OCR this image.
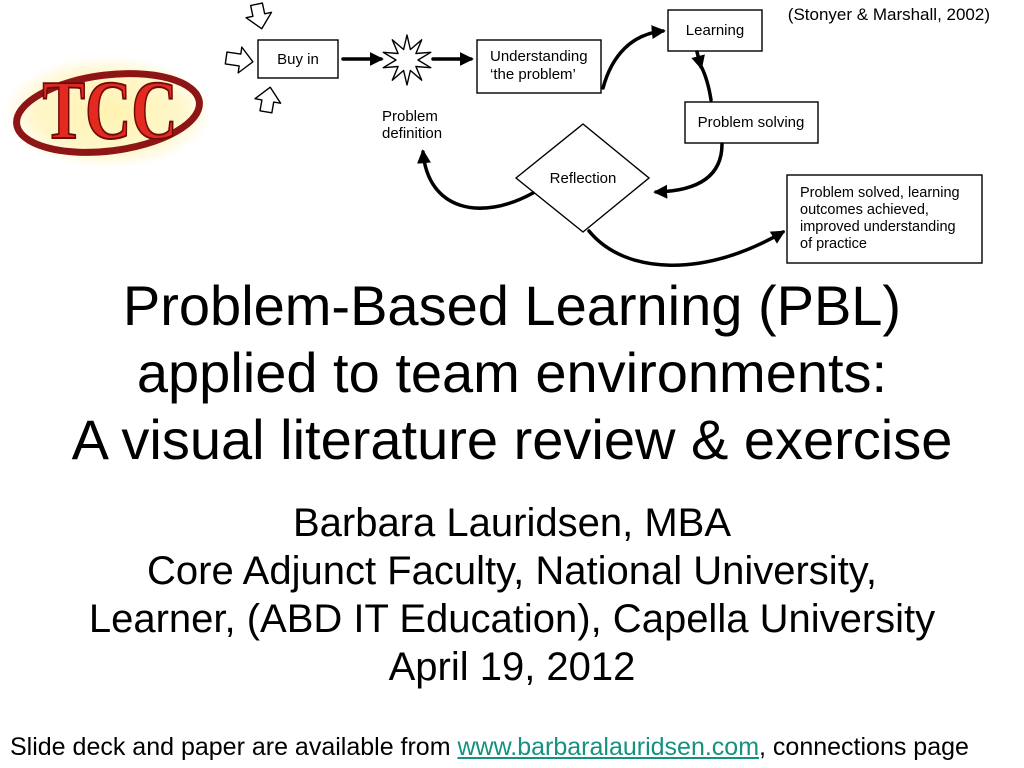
TCC
Buy in	Understanding
‘the problem’
Learning
Problem solving
Problem
definition
Reflection
Problem solved, learning
outcomes achieved,
improved understanding
of practice
(Stonyer & Marshall, 2002)
Problem-Based Learning (PBL)
applied to team environments:
A visual literature review & exercise
Barbara Lauridsen, MBA
Core Adjunct Faculty, National University,
Learner, (ABD IT Education), Capella University
April 19, 2012
Slide deck and paper are available from www.barbaralauridsen.com, connections page
